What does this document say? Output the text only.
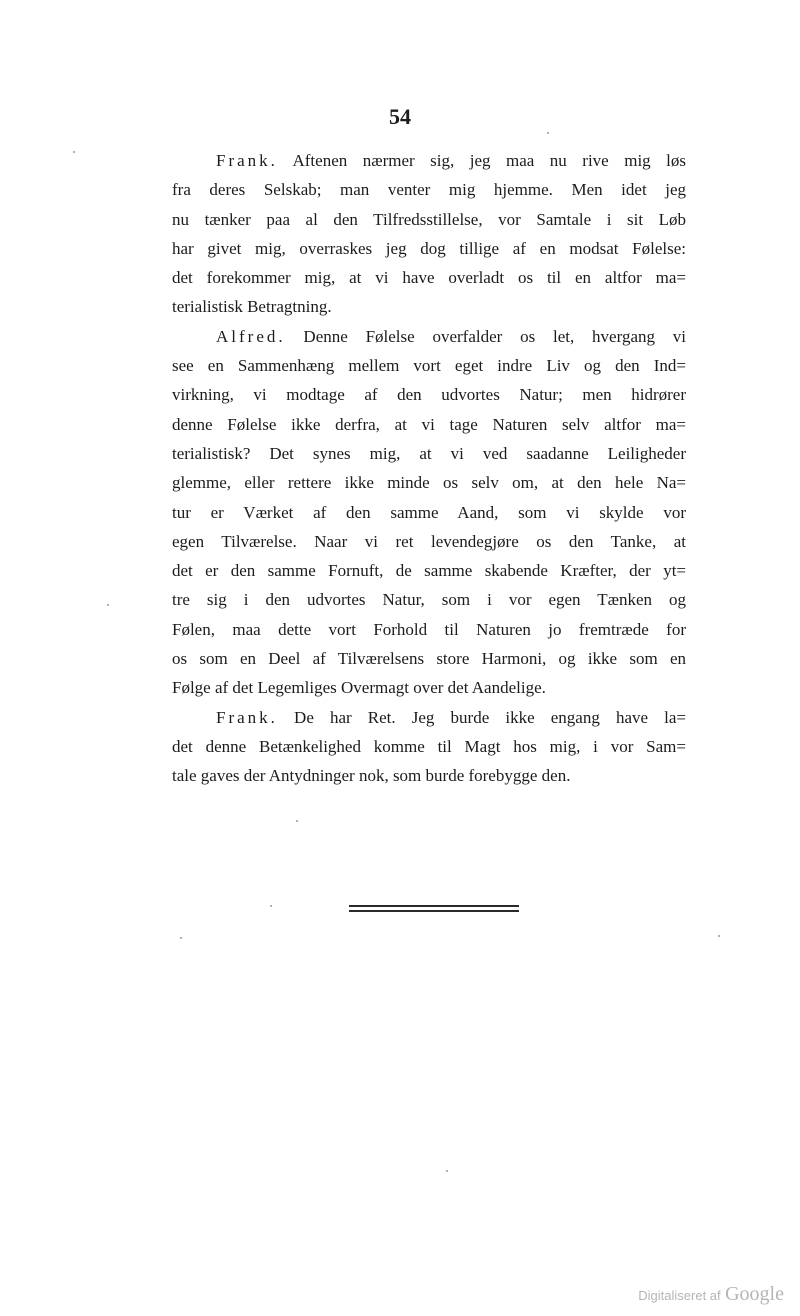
54
Frank. Aftenen nærmer sig, jeg maa nu rive mig løs
fra deres Selskab; man venter mig hjemme. Men idet jeg
nu tænker paa al den Tilfredsstillelse, vor Samtale i sit Løb
har givet mig, overraskes jeg dog tillige af en modsat Følelse:
det forekommer mig, at vi have overladt os til en altfor ma=
terialistisk Betragtning.
Alfred. Denne Følelse overfalder os let, hvergang vi
see en Sammenhæng mellem vort eget indre Liv og den Ind=
virkning, vi modtage af den udvortes Natur; men hidrører
denne Følelse ikke derfra, at vi tage Naturen selv altfor ma=
terialistisk? Det synes mig, at vi ved saadanne Leiligheder
glemme, eller rettere ikke minde os selv om, at den hele Na=
tur er Værket af den samme Aand, som vi skylde vor
egen Tilværelse. Naar vi ret levendegjøre os den Tanke, at
det er den samme Fornuft, de samme skabende Kræfter, der yt=
tre sig i den udvortes Natur, som i vor egen Tænken og
Følen, maa dette vort Forhold til Naturen jo fremtræde for
os som en Deel af Tilværelsens store Harmoni, og ikke som en
Følge af det Legemliges Overmagt over det Aandelige.
Frank. De har Ret. Jeg burde ikke engang have la=
det denne Betænkelighed komme til Magt hos mig, i vor Sam=
tale gaves der Antydninger nok, som burde forebygge den.
Digitaliseret af Google
